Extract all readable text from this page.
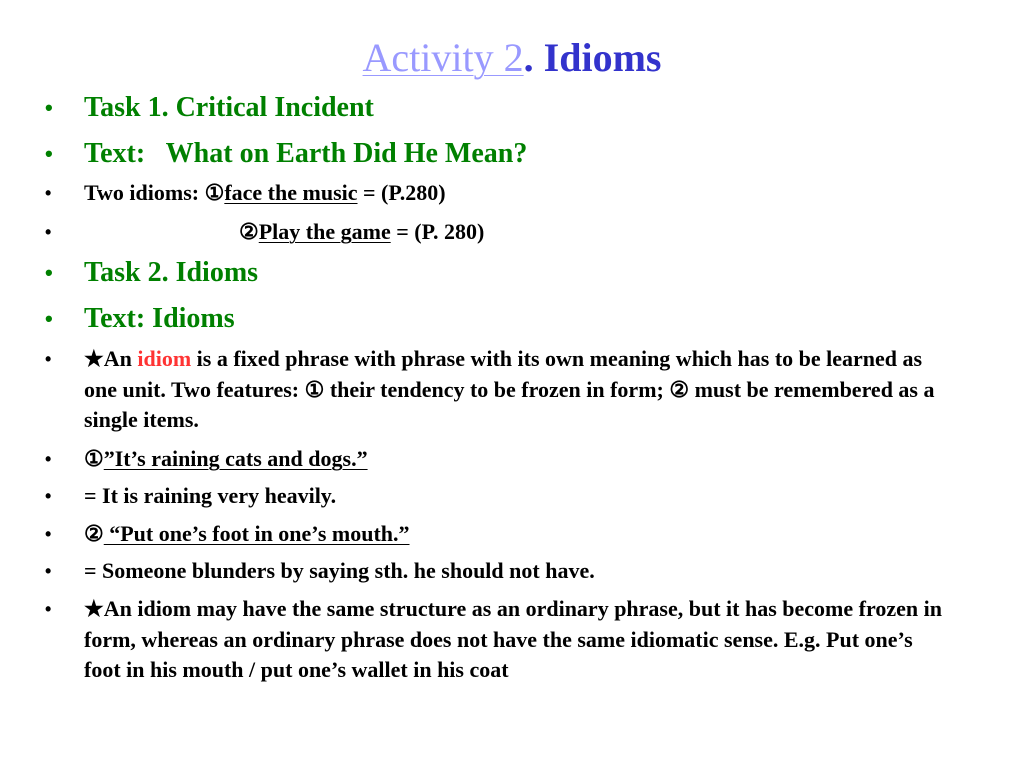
Activity 2. Idioms
• Task 1. Critical Incident
• Text:   What on Earth Did He Mean?
• Two idioms: ①face the music = (P.280)
•	②Play the game = (P. 280)
• Task 2. Idioms
• Text: Idioms
• ★An idiom is a fixed phrase with phrase with its own meaning which has to be learned as one unit. Two features: ① their tendency to be frozen in form; ② must be remembered as a single items.
• ①”It’s raining cats and dogs.”
• = It is raining very heavily.
• ② “Put one’s foot in one’s mouth.”
• = Someone blunders by saying sth. he should not have.
• ★An idiom may have the same structure as an ordinary phrase, but it has become frozen in form, whereas an ordinary phrase does not have the same idiomatic sense. E.g. Put one’s foot in his mouth / put one’s wallet in his coat
